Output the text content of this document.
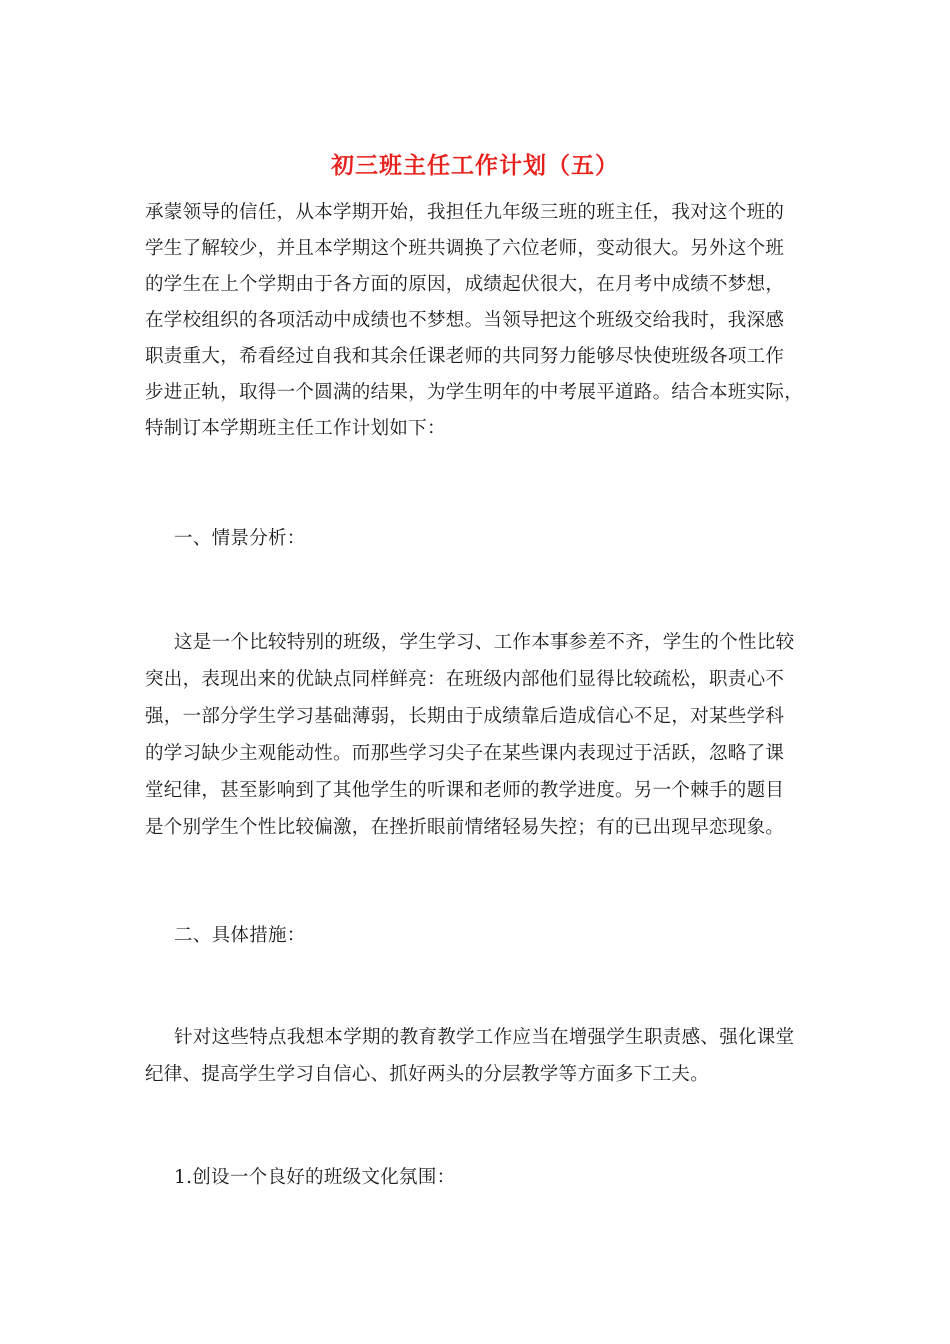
初三班主任工作计划（五）
承蒙领导的信任，从本学期开始，我担任九年级三班的班主任，我对这个班的
学生了解较少，并且本学期这个班共调换了六位老师，变动很大。另外这个班
的学生在上个学期由于各方面的原因，成绩起伏很大，在月考中成绩不梦想，
在学校组织的各项活动中成绩也不梦想。当领导把这个班级交给我时，我深感
职责重大，希看经过自我和其余任课老师的共同努力能够尽快使班级各项工作
步进正轨，取得一个圆满的结果，为学生明年的中考展平道路。结合本班实际，
特制订本学期班主任工作计划如下：
一、情景分析：
这是一个比较特别的班级，学生学习、工作本事参差不齐，学生的个性比较
突出，表现出来的优缺点同样鲜亮：在班级内部他们显得比较疏松，职责心不
强，一部分学生学习基础薄弱，长期由于成绩靠后造成信心不足，对某些学科
的学习缺少主观能动性。而那些学习尖子在某些课内表现过于活跃，忽略了课
堂纪律，甚至影响到了其他学生的听课和老师的教学进度。另一个棘手的题目
是个别学生个性比较偏激，在挫折眼前情绪轻易失控；有的已出现早恋现象。
二、具体措施：
针对这些特点我想本学期的教育教学工作应当在增强学生职责感、强化课堂
纪律、提高学生学习自信心、抓好两头的分层教学等方面多下工夫。
1.创设一个良好的班级文化氛围：
